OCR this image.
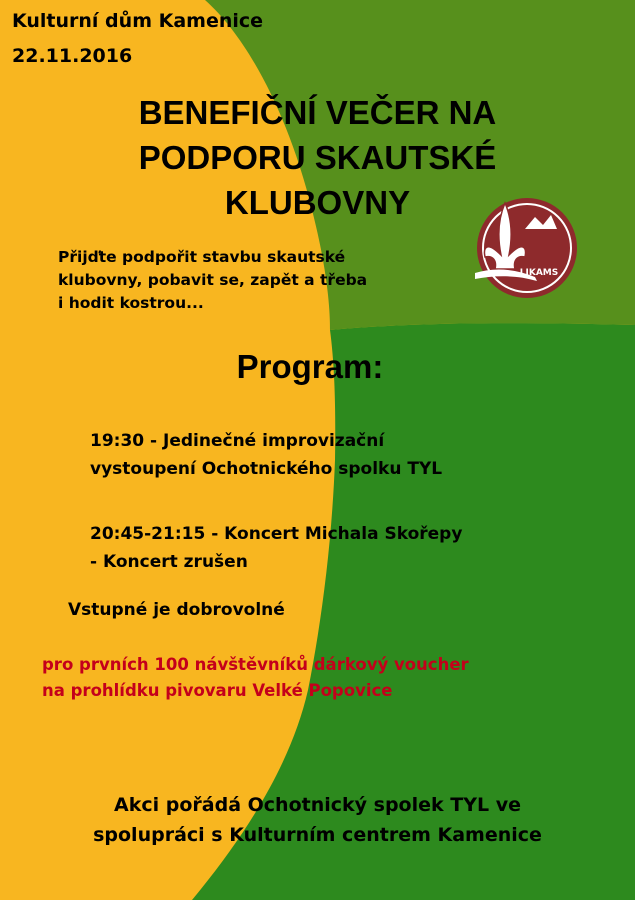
Kulturní dům Kamenice

22.11.2016

BENEFIČNÍ VEČER NA
PODPORU SKAUTSKÉ
KLUBOVNY
LIKAMS
Přijďte podpořit stavbu skautské
klubovny, pobavit se, zapět a třeba
i hodit kostrou...

Program:

19:30 - Jedinečné improvizační
vystoupení Ochotnického spolku TYL
20:45-21:15 - Koncert Michala Skořepy
- Koncert zrušen

Vstupné je dobrovolné

pro prvních 100 návštěvníků dárkový voucher
na prohlídku pivovaru Velké Popovice
Akci pořádá Ochotnický spolek TYL ve
spolupráci s Kulturním centrem Kamenice
